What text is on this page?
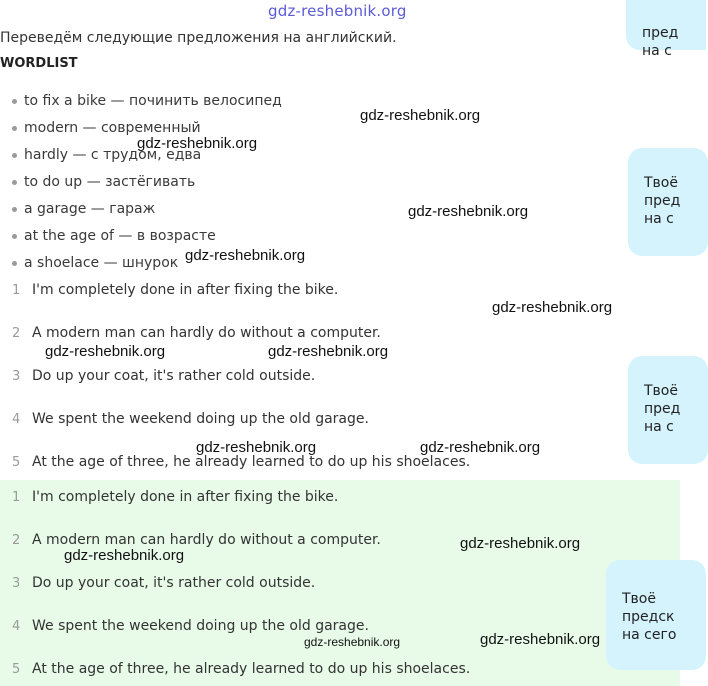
gdz-reshebnik.org
Переведём следующие предложения на английский.
WORDLIST
to fix a bike — починить велосипед
modern — современный
hardly — с трудом, едва
to do up — застёгивать
a garage — гараж
at the age of — в возрасте
a shoelace — шнурок
1 I'm completely done in after fixing the bike.
2 A modern man can hardly do without a computer.
3 Do up your coat, it's rather cold outside.
4 We spent the weekend doing up the old garage.
5 At the age of three, he already learned to do up his shoelaces.
1 I'm completely done in after fixing the bike.
2 A modern man can hardly do without a computer.
3 Do up your coat, it's rather cold outside.
4 We spent the weekend doing up the old garage.
5 At the age of three, he already learned to do up his shoelaces.
пред
на с
Твоё
пред
на с
Твоё
пред
на с
Твоё
предск
на сего
gdz-reshebnik.org
gdz-reshebnik.org
gdz-reshebnik.org
gdz-reshebnik.org
gdz-reshebnik.org
gdz-reshebnik.org	gdz-reshebnik.org
gdz-reshebnik.org	gdz-reshebnik.org
gdz-reshebnik.org
gdz-reshebnik.org
gdz-reshebnik.org	gdz-reshebnik.org
